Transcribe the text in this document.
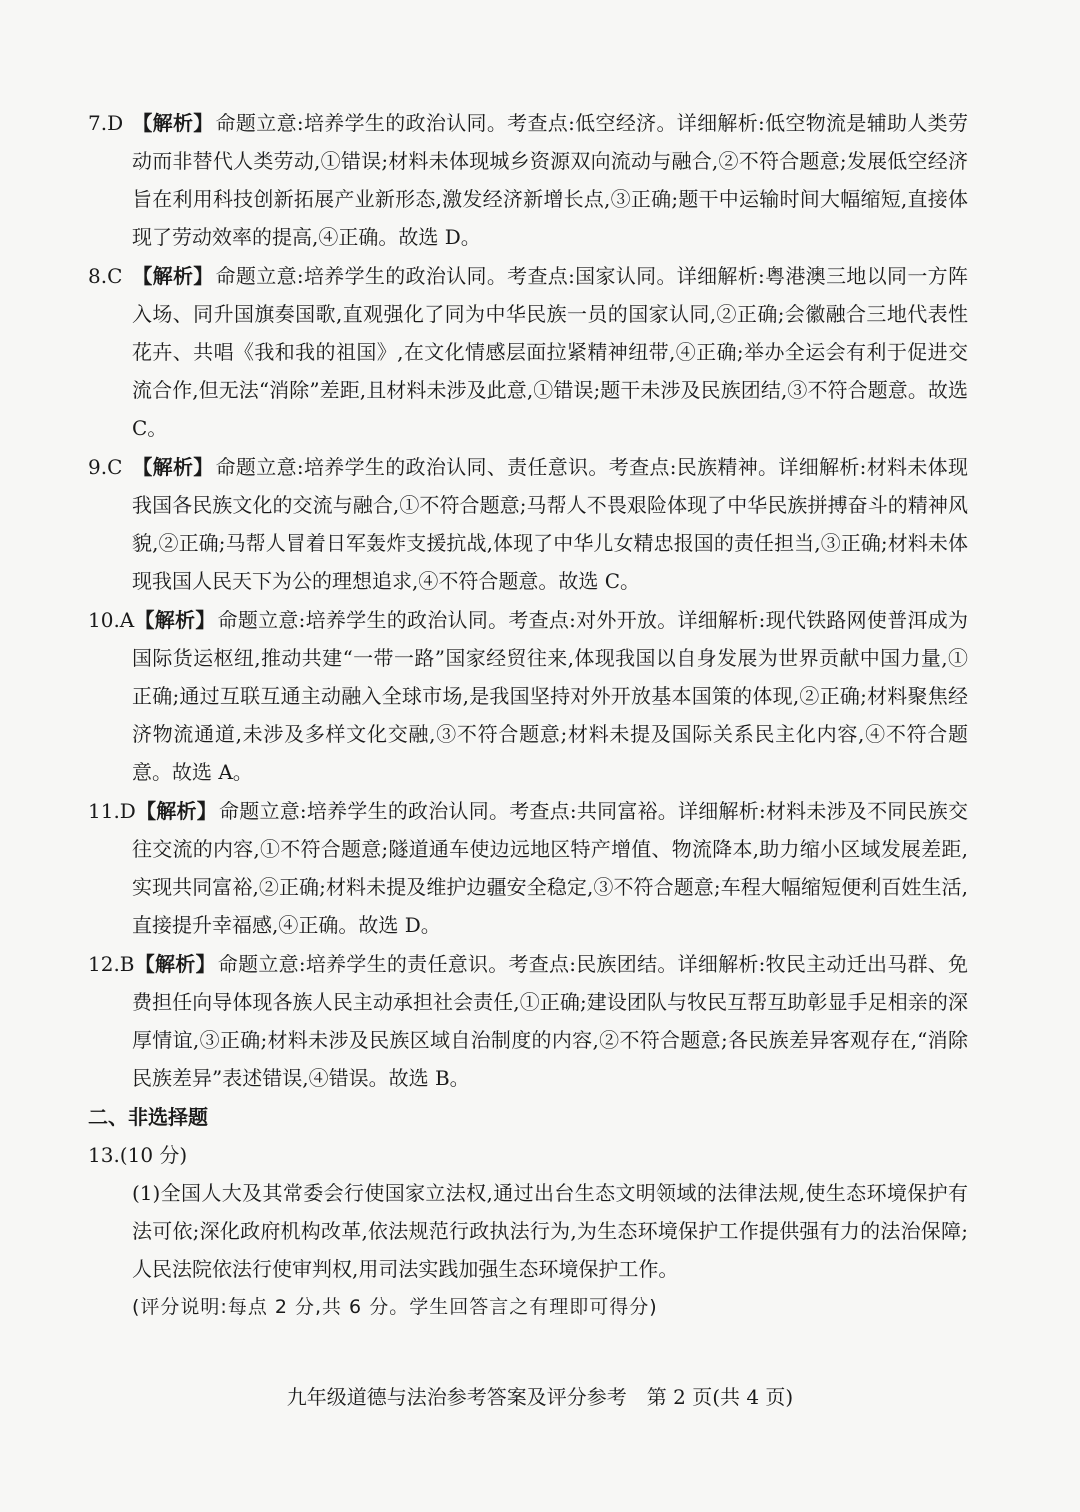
7.D 【解析】 命题立意:培养学生的政治认同。考查点:低空经济。详细解析:低空物流是辅助人类劳动而非替代人类劳动,①错误;材料未体现城乡资源双向流动与融合,②不符合题意;发展低空经济旨在利用科技创新拓展产业新形态,激发经济新增长点,③正确;题干中运输时间大幅缩短,直接体现了劳动效率的提高,④正确。故选 D。
8.C 【解析】 命题立意:培养学生的政治认同。考查点:国家认同。详细解析:粤港澳三地以同一方阵入场、同升国旗奏国歌,直观强化了同为中华民族一员的国家认同,②正确;会徽融合三地代表性花卉、共唱《我和我的祖国》,在文化情感层面拉紧精神纽带,④正确;举办全运会有利于促进交流合作,但无法“消除”差距,且材料未涉及此意,①错误;题干未涉及民族团结,③不符合题意。故选 C。
9.C 【解析】 命题立意:培养学生的政治认同、责任意识。考查点:民族精神。详细解析:材料未体现我国各民族文化的交流与融合,①不符合题意;马帮人不畏艰险体现了中华民族拼搏奋斗的精神风貌,②正确;马帮人冒着日军轰炸支援抗战,体现了中华儿女精忠报国的责任担当,③正确;材料未体现我国人民天下为公的理想追求,④不符合题意。故选 C。
10.A【解析】 命题立意:培养学生的政治认同。考查点:对外开放。详细解析:现代铁路网使普洱成为国际货运枢纽,推动共建“一带一路”国家经贸往来,体现我国以自身发展为世界贡献中国力量,①正确;通过互联互通主动融入全球市场,是我国坚持对外开放基本国策的体现,②正确;材料聚焦经济物流通道,未涉及多样文化交融,③不符合题意;材料未提及国际关系民主化内容,④不符合题意。故选 A。
11.D【解析】 命题立意:培养学生的政治认同。考查点:共同富裕。详细解析:材料未涉及不同民族交往交流的内容,①不符合题意;隧道通车使边远地区特产增值、物流降本,助力缩小区域发展差距,实现共同富裕,②正确;材料未提及维护边疆安全稳定,③不符合题意;车程大幅缩短便利百姓生活,直接提升幸福感,④正确。故选 D。
12.B【解析】 命题立意:培养学生的责任意识。考查点:民族团结。详细解析:牧民主动迁出马群、免费担任向导体现各族人民主动承担社会责任,①正确;建设团队与牧民互帮互助彰显手足相亲的深厚情谊,③正确;材料未涉及民族区域自治制度的内容,②不符合题意;各民族差异客观存在,“消除民族差异”表述错误,④错误。故选 B。
二、非选择题
13.(10 分)
(1)全国人大及其常委会行使国家立法权,通过出台生态文明领域的法律法规,使生态环境保护有法可依;深化政府机构改革,依法规范行政执法行为,为生态环境保护工作提供强有力的法治保障;人民法院依法行使审判权,用司法实践加强生态环境保护工作。
(评分说明:每点 2 分,共 6 分。学生回答言之有理即可得分)
九年级道德与法治参考答案及评分参考　第 2 页(共 4 页)
